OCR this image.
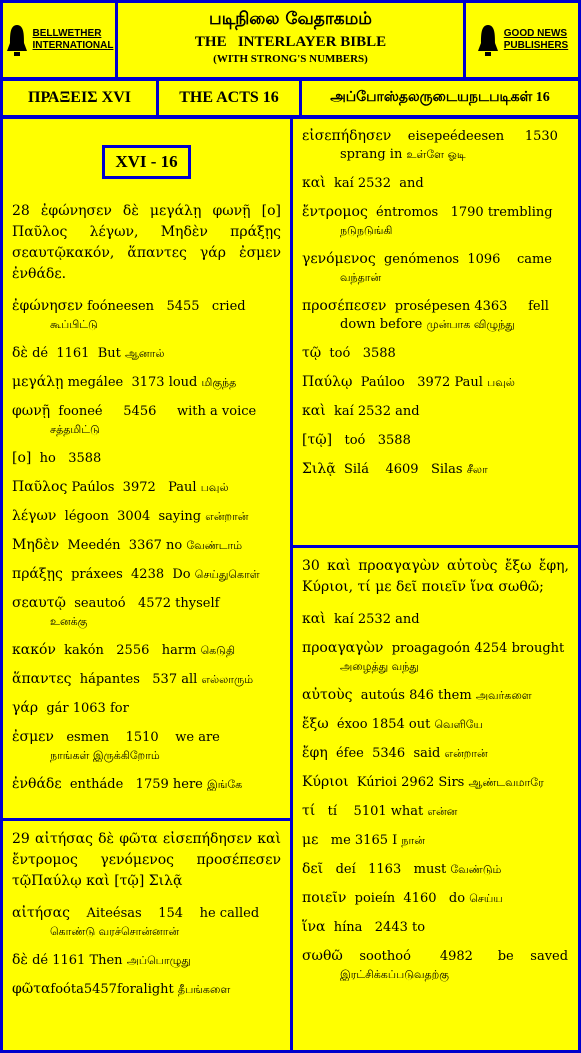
BELLWETHER
INTERNATIONAL
படிநிலை வேதாகமம்
THE   INTERLAYER BIBLE
(WITH STRONG'S NUMBERS)
GOOD NEWS
PUBLISHERS
ΠΡΑΞΕΙΣ XVI	THE ACTS 16	அப்போஸ்தலருடையநடபடிகள் 16
XVI - 16

28 ἐφώνησεν δὲ μεγάλῃ φωνῇ [ο] Παῦλος λέγων, Μηδὲν πράξῃς σεαυτῷκακόν, ἅπαντες γάρ ἐσμεν ἐνθάδε.

ἐφώνησεν foóneesen   5455   cried
கூப்பிட்டு
δὲ dé  1161  But ஆனால்
μεγάλῃ megálee  3173 loud மிகுந்த
φωνῇ  fooneé     5456     with a voice
சத்தமிட்டு
[ο]  ho   3588
Παῦλος Paúlos  3972   Paul பவுல்
λέγων  légoon  3004  saying என்றான்
Μηδὲν  Meedén  3367 no வேண்டாம்
πράξῃς  práxees  4238  Do செய்துகொள்
σεαυτῷ  seautoó   4572 thyself
உனக்கு
κακόν  kakón   2556   harm கெடுதி
ἅπαντες  hápantes   537 all எல்லாரும்
γάρ  gár 1063 for
ἐσμεν   esmen    1510    we are
நாங்கள் இருக்கிறோம்
ἐνθάδε  entháde   1759 here இங்கே

29 αἰτήσας δὲ φῶτα εἰσεπήδησεν καὶ ἔντρομος γενόμενος προσέπεσεν τῷΠαύλῳ καὶ [τῷ] Σιλᾷ

αἰτήσας    Aiteésas    154    he called
கொண்டு வரச்சொன்னான்
δὲ dé 1161 Then அப்பொழுது
φῶταfoóta5457foralight தீபங்களை
εἰσεπήδησεν    eisepeédeesen     1530
sprang in உள்ளே ஓடி
καὶ  kaí 2532  and
ἔντρομος  éntromos   1790 trembling
நடுநடுங்கி
γενόμενος  genómenos  1096    came
வந்தான்
προσέπεσεν  prosépesen 4363     fell
down before முன்பாக விழுந்து
τῷ  toó   3588
Παύλῳ  Paúloo   3972 Paul பவுல்
καὶ  kaí 2532 and
[τῷ]   toó   3588
Σιλᾷ  Silá    4609   Silas சீலா

30 καὶ προαγαγὼν αὐτοὺς ἔξω ἔφη, Κύριοι, τί με δεῖ ποιεῖν ἵνα σωθῶ;

καὶ  kaí 2532 and
προαγαγὼν  proagagoón 4254 brought
அழைத்து வந்து
αὐτοὺς  autoús 846 them அவர்களை
ἔξω  éxoo 1854 out வெளியே
ἔφη  éfee  5346  said என்றான்
Κύριοι  Kúrioi 2962 Sirs ஆண்டவமாரே
τί   tí    5101 what என்ன
με   me 3165 I நான்
δεῖ   deí   1163   must வேண்டும்
ποιεῖν  poieín  4160   do செய்ய
ἵνα  hína   2443 to
σωθῶ    soothoó       4982      be    saved
இரட்சிக்கப்படுவதற்கு
